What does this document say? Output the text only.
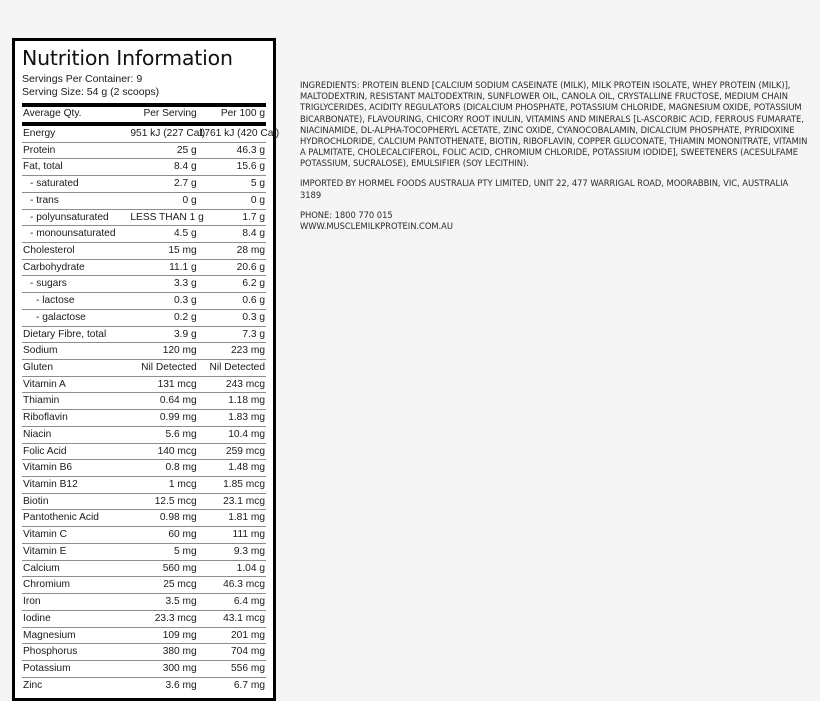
Nutrition Information
Servings Per Container: 9
Serving Size: 54 g (2 scoops)
Average Qty.	Per Serving	Per 100 g
Energy	951 kJ (227 Cal)	1761 kJ (420 Cal)
Protein	25 g	46.3 g
Fat, total	8.4 g	15.6 g
- saturated	2.7 g	5 g
- trans	0 g	0 g
- polyunsaturated	LESS THAN 1 g	1.7 g
- monounsaturated	4.5 g	8.4 g
Cholesterol	15 mg	28 mg
Carbohydrate	11.1 g	20.6 g
- sugars	3.3 g	6.2 g
- lactose	0.3 g	0.6 g
- galactose	0.2 g	0.3 g
Dietary Fibre, total	3.9 g	7.3 g
Sodium	120 mg	223 mg
Gluten	Nil Detected	Nil Detected
Vitamin A	131 mcg	243 mcg
Thiamin	0.64 mg	1.18 mg
Riboflavin	0.99 mg	1.83 mg
Niacin	5.6 mg	10.4 mg
Folic Acid	140 mcg	259 mcg
Vitamin B6	0.8 mg	1.48 mg
Vitamin B12	1 mcg	1.85 mcg
Biotin	12.5 mcg	23.1 mcg
Pantothenic Acid	0.98 mg	1.81 mg
Vitamin C	60 mg	111 mg
Vitamin E	5 mg	9.3 mg
Calcium	560 mg	1.04 g
Chromium	25 mcg	46.3 mcg
Iron	3.5 mg	6.4 mg
Iodine	23.3 mcg	43.1 mcg
Magnesium	109 mg	201 mg
Phosphorus	380 mg	704 mg
Potassium	300 mg	556 mg
Zinc	3.6 mg	6.7 mg

INGREDIENTS: PROTEIN BLEND [CALCIUM SODIUM CASEINATE (MILK), MILK PROTEIN ISOLATE, WHEY PROTEIN (MILK)], MALTODEXTRIN, RESISTANT MALTODEXTRIN, SUNFLOWER OIL, CANOLA OIL, CRYSTALLINE FRUCTOSE, MEDIUM CHAIN TRIGLYCERIDES, ACIDITY REGULATORS (DICALCIUM PHOSPHATE, POTASSIUM CHLORIDE, MAGNESIUM OXIDE, POTASSIUM BICARBONATE), FLAVOURING, CHICORY ROOT INULIN, VITAMINS AND MINERALS [L-ASCORBIC ACID, FERROUS FUMARATE, NIACINAMIDE, DL-ALPHA-TOCOPHERYL ACETATE, ZINC OXIDE, CYANOCOBALAMIN, DICALCIUM PHOSPHATE, PYRIDOXINE HYDROCHLORIDE, CALCIUM PANTOTHENATE, BIOTIN, RIBOFLAVIN, COPPER GLUCONATE, THIAMIN MONONITRATE, VITAMIN A PALMITATE, CHOLECALCIFEROL, FOLIC ACID, CHROMIUM CHLORIDE, POTASSIUM IODIDE], SWEETENERS (ACESULFAME POTASSIUM, SUCRALOSE), EMULSIFIER (SOY LECITHIN).

IMPORTED BY HORMEL FOODS AUSTRALIA PTY LIMITED, UNIT 22, 477 WARRIGAL ROAD, MOORABBIN, VIC, AUSTRALIA 3189

PHONE: 1800 770 015

WWW.MUSCLEMILKPROTEIN.COM.AU
